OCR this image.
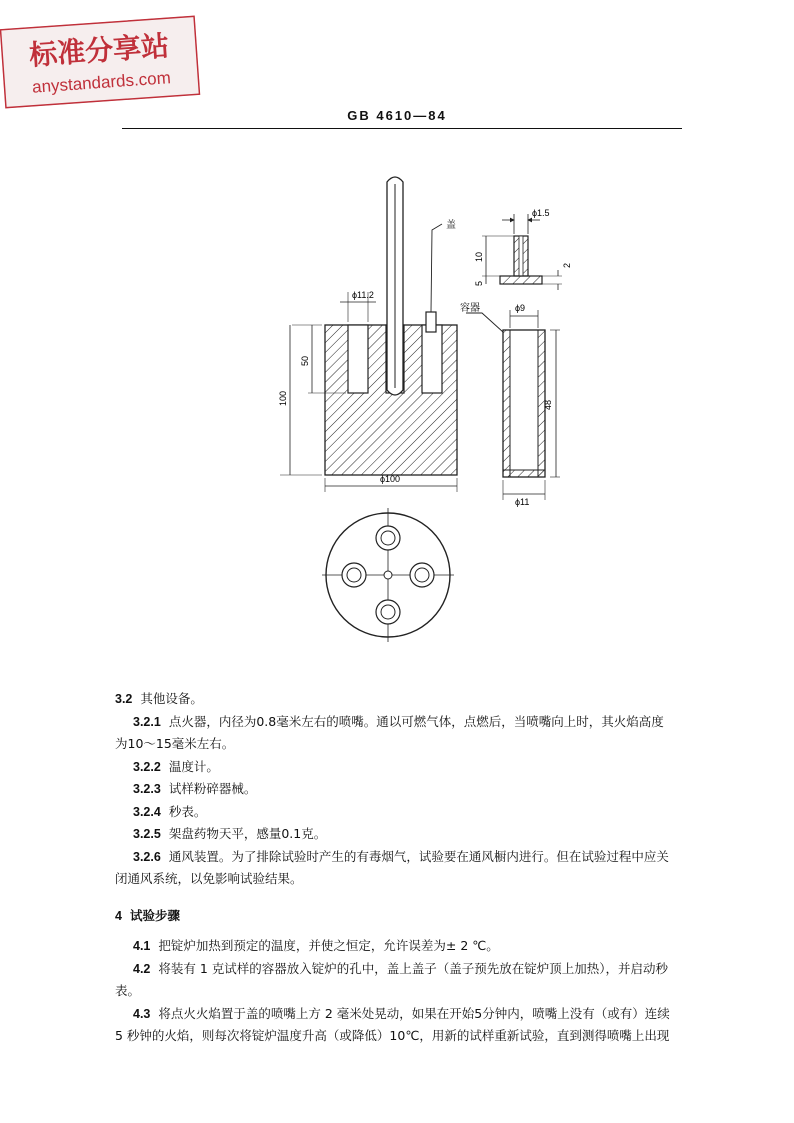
标准分享站
anystandards.com
GB 4610—84
盖
ϕ1.5
10
5
2
ϕ9
容器
48
ϕ11
ϕ11.2
50
100
ϕ100

3.2 其他设备。

3.2.1 点火器，内径为0.8毫米左右的喷嘴。通以可燃气体，点燃后，当喷嘴向上时，其火焰高度

为10～15毫米左右。

3.2.2 温度计。

3.2.3 试样粉碎器械。

3.2.4 秒表。

3.2.5 架盘药物天平，感量0.1克。

3.2.6 通风装置。为了排除试验时产生的有毒烟气，试验要在通风橱内进行。但在试验过程中应关

闭通风系统，以免影响试验结果。

4 试验步骤

4.1 把锭炉加热到预定的温度，并使之恒定，允许误差为± 2 ℃。

4.2 将装有 1 克试样的容器放入锭炉的孔中，盖上盖子（盖子预先放在锭炉顶上加热），并启动秒

表。

4.3 将点火火焰置于盖的喷嘴上方 2 毫米处晃动，如果在开始5分钟内，喷嘴上没有（或有）连续

5 秒钟的火焰，则每次将锭炉温度升高（或降低）10℃，用新的试样重新试验，直到测得喷嘴上出现
